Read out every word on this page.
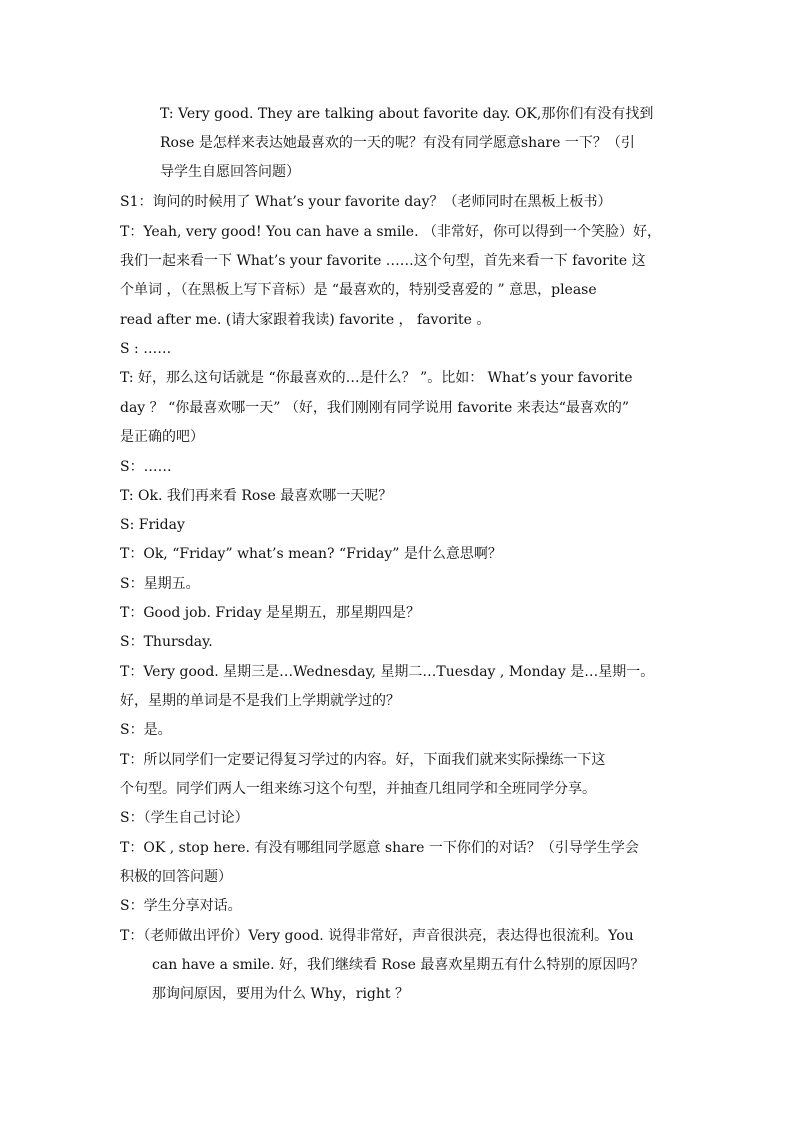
T: Very good. They are talking about favorite day. OK,那你们有没有找到
Rose 是怎样来表达她最喜欢的一天的呢？有没有同学愿意share 一下？（引
导学生自愿回答问题）
S1：询问的时候用了 What’s your favorite day？（老师同时在黑板上板书）
T：Yeah, very good! You can have a smile. （非常好，你可以得到一个笑脸）好，
我们一起来看一下 What’s your favorite ……这个句型，首先来看一下 favorite 这
个单词 ，（在黑板上写下音标）是 “最喜欢的，特别受喜爱的 ” 意思，please
read after me. (请大家跟着我读) favorite ， favorite 。
S : ……
T: 好，那么这句话就是 “你最喜欢的…是什么？ ”。比如： What’s your favorite
day ？ “你最喜欢哪一天” （好，我们刚刚有同学说用 favorite 来表达“最喜欢的”
是正确的吧）
S：……
T: Ok. 我们再来看 Rose 最喜欢哪一天呢？
S: Friday
T：Ok, “Friday” what’s mean? “Friday” 是什么意思啊？
S：星期五。
T：Good job. Friday 是星期五，那星期四是？
S：Thursday.
T：Very good. 星期三是…Wednesday, 星期二…Tuesday , Monday 是…星期一。
好，星期的单词是不是我们上学期就学过的？
S：是。
T：所以同学们一定要记得复习学过的内容。好，下面我们就来实际操练一下这
个句型。同学们两人一组来练习这个句型，并抽查几组同学和全班同学分享。
S：（学生自己讨论）
T：OK , stop here. 有没有哪组同学愿意 share 一下你们的对话？（引导学生学会
积极的回答问题）
S：学生分享对话。
T：（老师做出评价）Very good. 说得非常好，声音很洪亮，表达得也很流利。You
can have a smile. 好，我们继续看 Rose 最喜欢星期五有什么特别的原因吗？
那询问原因，要用为什么 Why，right ？
